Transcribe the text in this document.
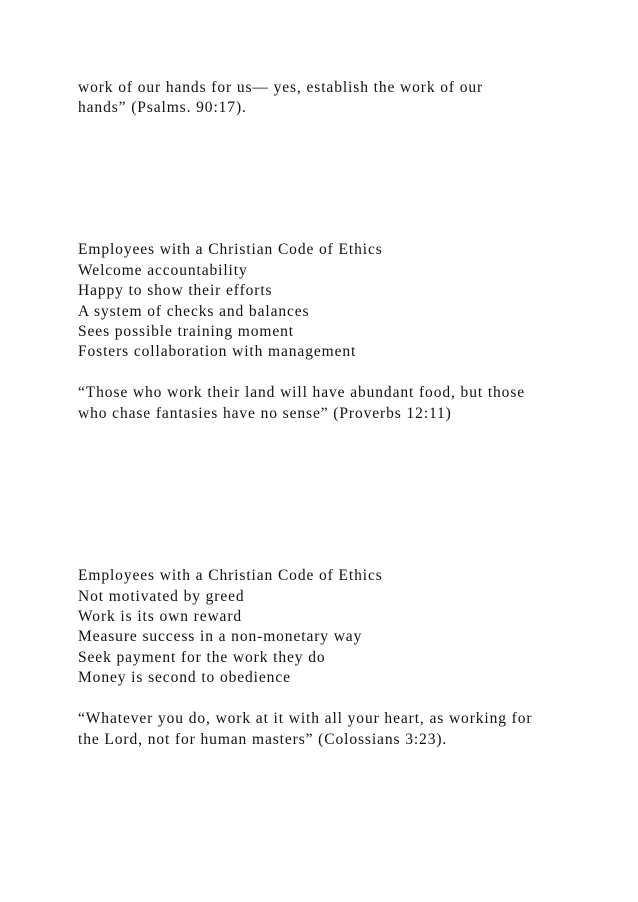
work of our hands for us— yes, establish the work of our
hands” (Psalms. 90:17).
Employees with a Christian Code of Ethics
Welcome accountability
Happy to show their efforts
A system of checks and balances
Sees possible training moment
Fosters collaboration with management
“Those who work their land will have abundant food, but those
who chase fantasies have no sense” (Proverbs 12:11)
Employees with a Christian Code of Ethics
Not motivated by greed
Work is its own reward
Measure success in a non-monetary way
Seek payment for the work they do
Money is second to obedience
“Whatever you do, work at it with all your heart, as working for
the Lord, not for human masters” (Colossians 3:23).
